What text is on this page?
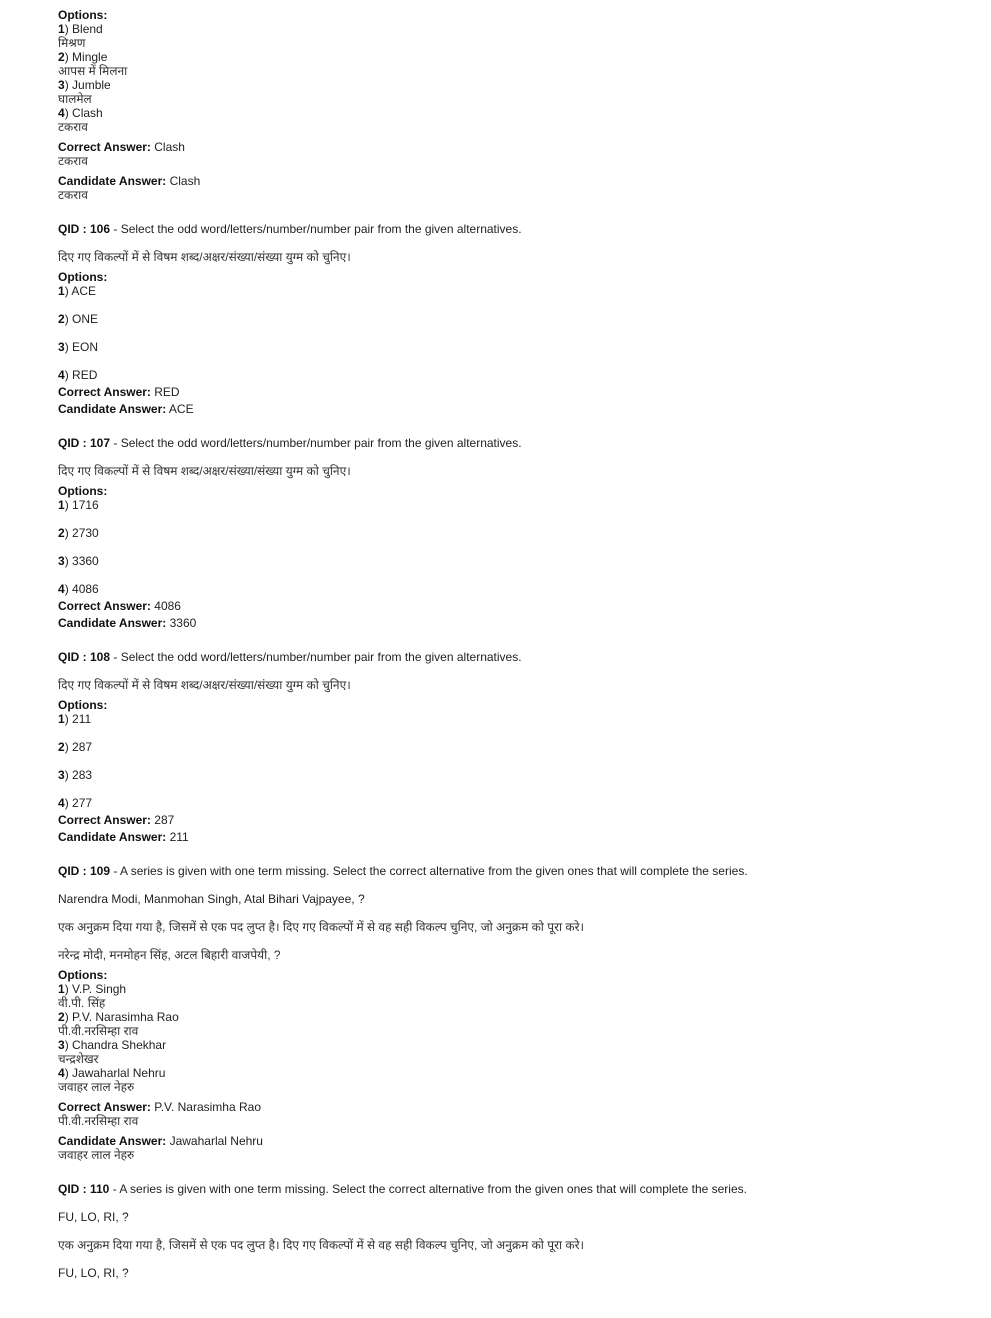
Options:

1) Blend

मिश्रण

2) Mingle

आपस में मिलना

3) Jumble

घालमेल

4) Clash

टकराव

Correct Answer: Clash

टकराव

Candidate Answer: Clash

टकराव

QID : 106 - Select the odd word/letters/number/number pair from the given alternatives.

दिए गए विकल्पों में से विषम शब्द/अक्षर/संख्या/संख्या युग्म को चुनिए।

Options:

1) ACE

2) ONE

3) EON

4) RED

Correct Answer: RED

Candidate Answer: ACE

QID : 107 - Select the odd word/letters/number/number pair from the given alternatives.

दिए गए विकल्पों में से विषम शब्द/अक्षर/संख्या/संख्या युग्म को चुनिए।

Options:

1) 1716

2) 2730

3) 3360

4) 4086

Correct Answer: 4086

Candidate Answer: 3360

QID : 108 - Select the odd word/letters/number/number pair from the given alternatives.

दिए गए विकल्पों में से विषम शब्द/अक्षर/संख्या/संख्या युग्म को चुनिए।

Options:

1) 211

2) 287

3) 283

4) 277

Correct Answer: 287

Candidate Answer: 211

QID : 109 - A series is given with one term missing. Select the correct alternative from the given ones that will complete the series.

Narendra Modi, Manmohan Singh, Atal Bihari Vajpayee, ?

एक अनुक्रम दिया गया है, जिसमें से एक पद लुप्त है। दिए गए विकल्पों में से वह सही विकल्प चुनिए, जो अनुक्रम को पूरा करे।

नरेन्द्र मोदी, मनमोहन सिंह, अटल बिहारी वाजपेयी, ?

Options:

1) V.P. Singh

वी.पी. सिंह

2) P.V. Narasimha Rao

पी.वी.नरसिम्हा राव

3) Chandra Shekhar

चन्द्रशेखर

4) Jawaharlal Nehru

जवाहर लाल नेहरु

Correct Answer: P.V. Narasimha Rao

पी.वी.नरसिम्हा राव

Candidate Answer: Jawaharlal Nehru

जवाहर लाल नेहरु

QID : 110 - A series is given with one term missing. Select the correct alternative from the given ones that will complete the series.

FU, LO, RI, ?

एक अनुक्रम दिया गया है, जिसमें से एक पद लुप्त है। दिए गए विकल्पों में से वह सही विकल्प चुनिए, जो अनुक्रम को पूरा करे।

FU, LO, RI, ?
